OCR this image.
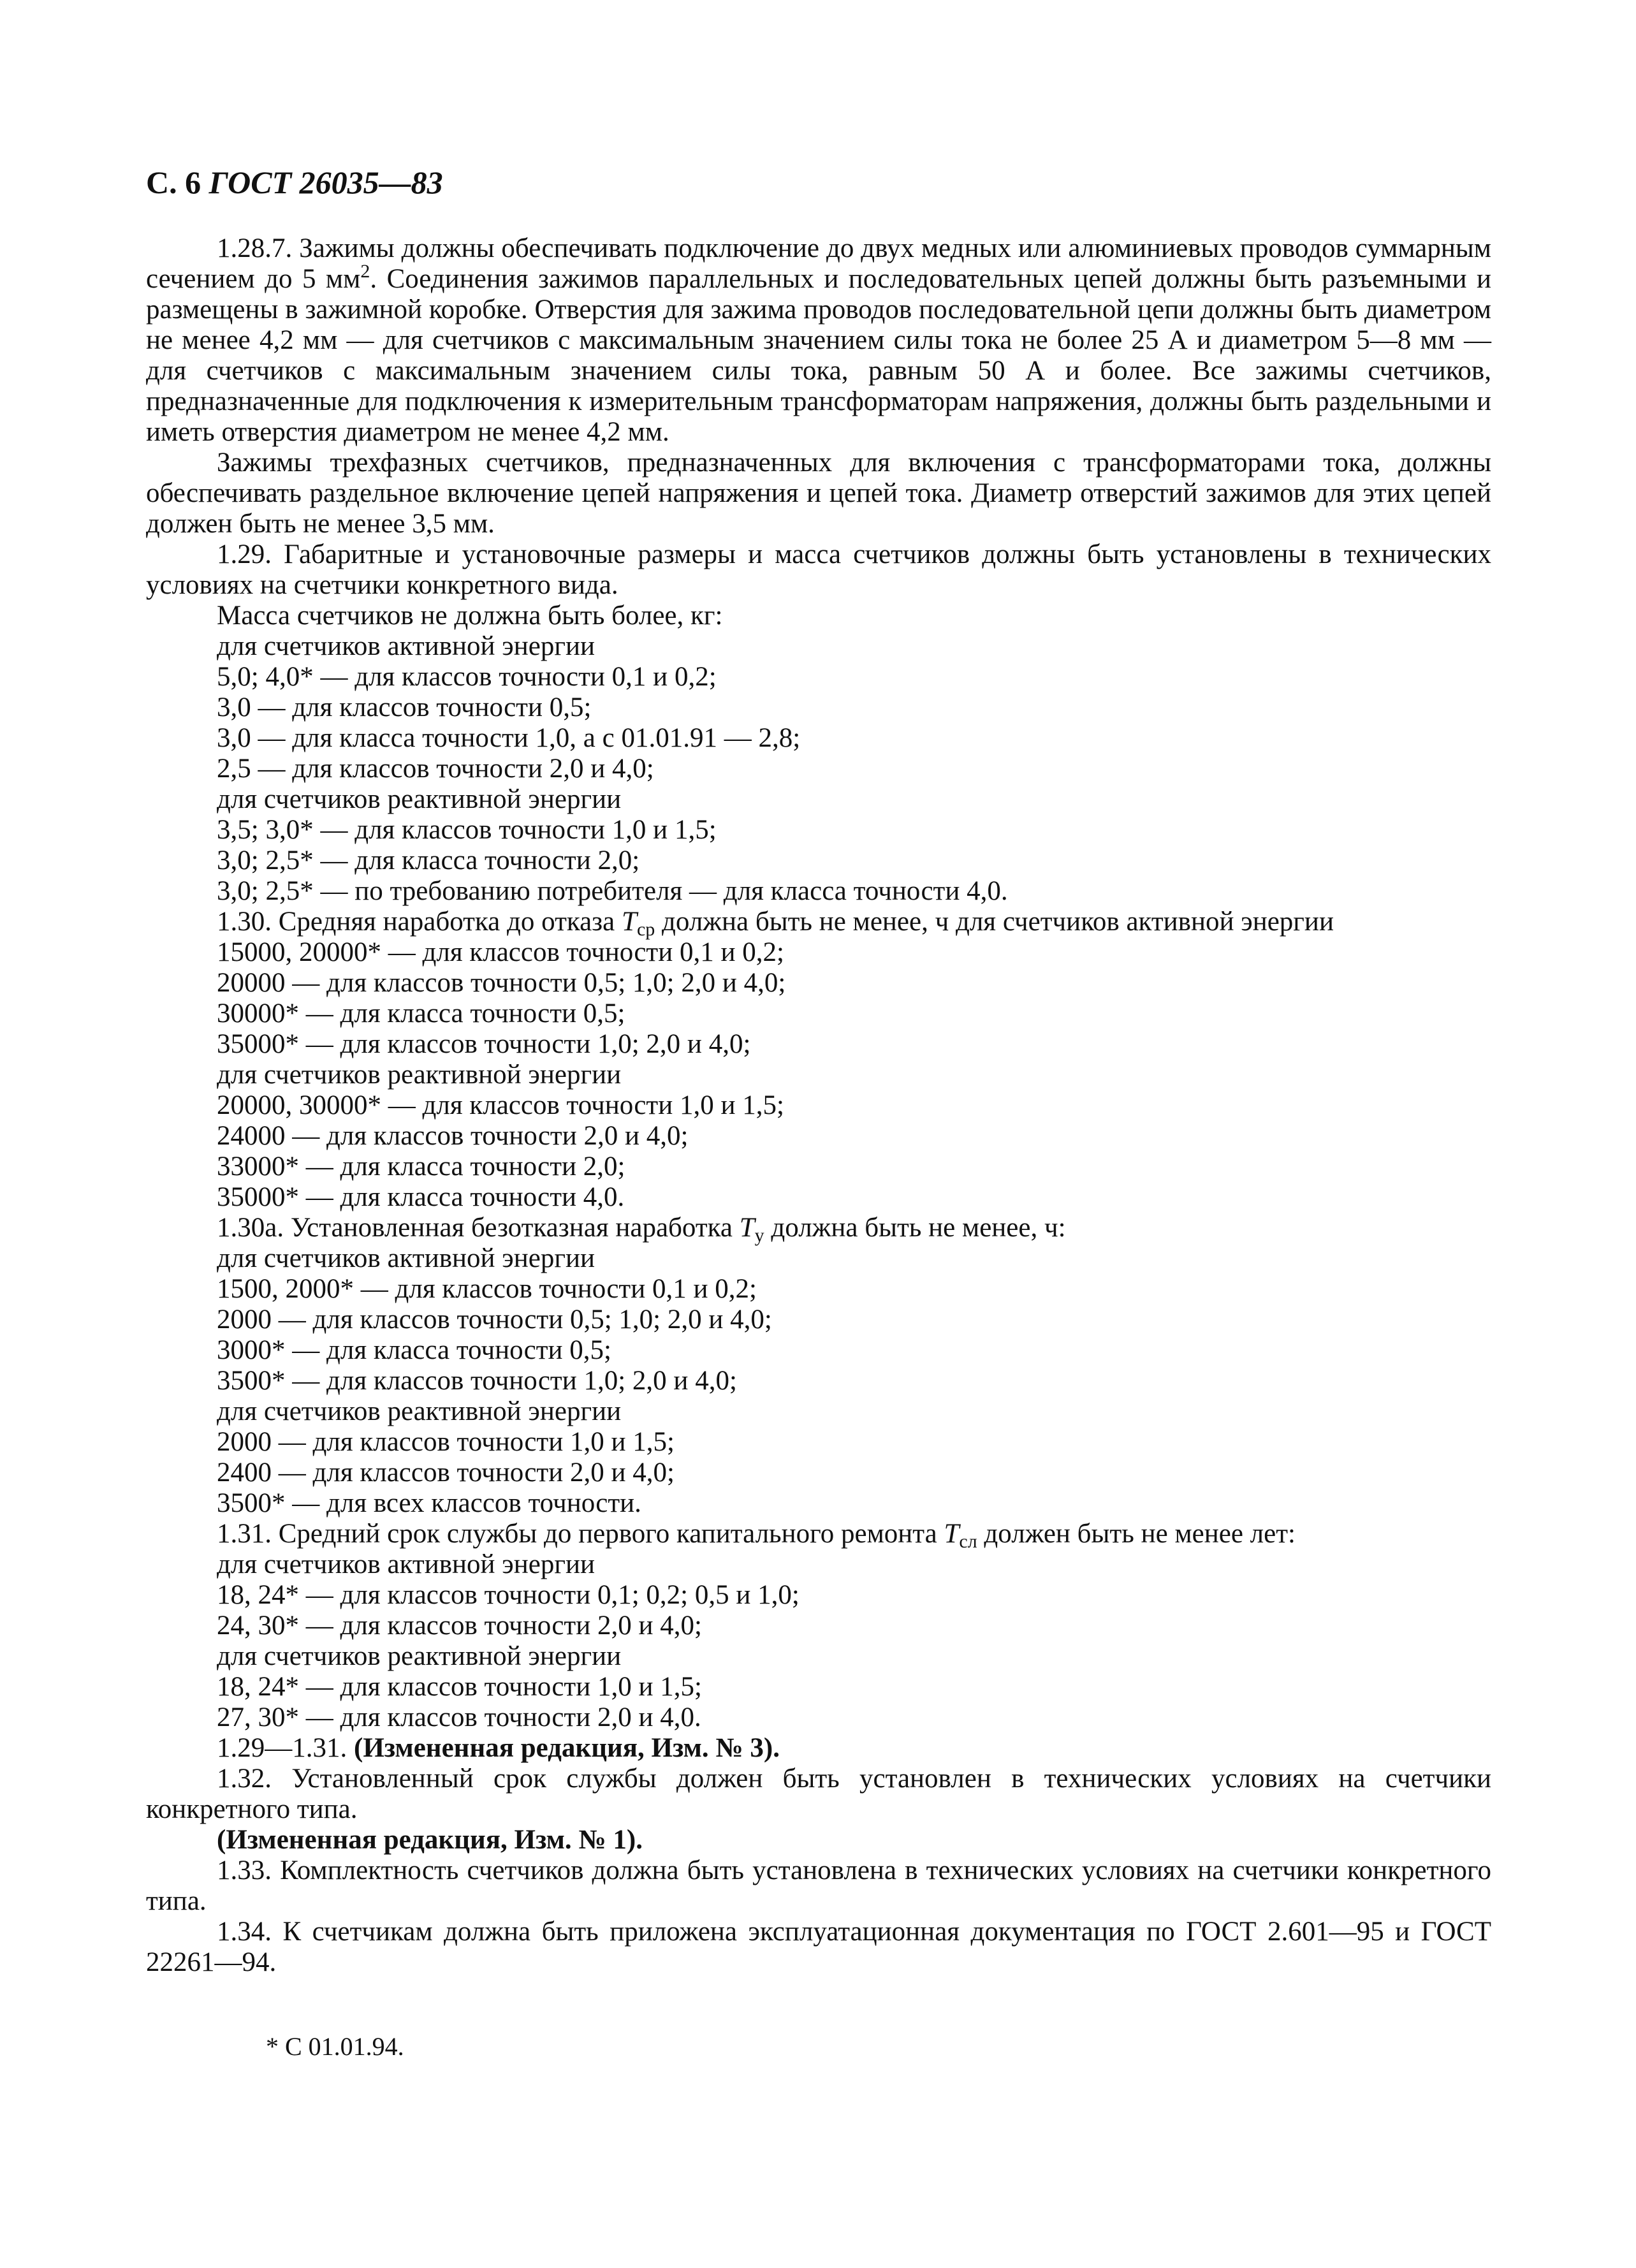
С. 6 ГОСТ 26035—83

1.28.7. Зажимы должны обеспечивать подключение до двух медных или алюминиевых проводов суммарным сечением до 5 $мм^2$. Соединения зажимов параллельных и последовательных цепей должны быть разъемными и размещены в зажимной коробке. Отверстия для зажима проводов последовательной цепи должны быть диаметром не менее 4,2 мм — для счетчиков с максимальным значением силы тока не более 25 А и диаметром 5—8 мм — для счетчиков с максимальным значением силы тока, равным 50 А и более. Все зажимы счетчиков, предназначенные для подключения к измерительным трансформаторам напряжения, должны быть раздельными и иметь отверстия диаметром не менее 4,2 мм.

Зажимы трехфазных счетчиков, предназначенных для включения с трансформаторами тока, должны обеспечивать раздельное включение цепей напряжения и цепей тока. Диаметр отверстий зажимов для этих цепей должен быть не менее 3,5 мм.

1.29. Габаритные и установочные размеры и масса счетчиков должны быть установлены в технических условиях на счетчики конкретного вида.

Масса счетчиков не должна быть более, кг:

для счетчиков активной энергии

5,0; 4,0* — для классов точности 0,1 и 0,2;

3,0 — для классов точности 0,5;

3,0 — для класса точности 1,0, а с 01.01.91 — 2,8;

2,5 — для классов точности 2,0 и 4,0;

для счетчиков реактивной энергии

3,5; 3,0* — для классов точности 1,0 и 1,5;

3,0; 2,5* — для класса точности 2,0;

3,0; 2,5* — по требованию потребителя — для класса точности 4,0.

1.30. Средняя наработка до отказа $T_{ср}$ должна быть не менее, ч для счетчиков активной энергии

15000, 20000* — для классов точности 0,1 и 0,2;

20000 — для классов точности 0,5; 1,0; 2,0 и 4,0;

30000* — для класса точности 0,5;

35000* — для классов точности 1,0; 2,0 и 4,0;

для счетчиков реактивной энергии

20000, 30000* — для классов точности 1,0 и 1,5;

24000 — для классов точности 2,0 и 4,0;

33000* — для класса точности 2,0;

35000* — для класса точности 4,0.

1.30а. Установленная безотказная наработка $T_у$ должна быть не менее, ч:

для счетчиков активной энергии

1500, 2000* — для классов точности 0,1 и 0,2;

2000 — для классов точности 0,5; 1,0; 2,0 и 4,0;

3000* — для класса точности 0,5;

3500* — для классов точности 1,0; 2,0 и 4,0;

для счетчиков реактивной энергии

2000 — для классов точности 1,0 и 1,5;

2400 — для классов точности 2,0 и 4,0;

3500* — для всех классов точности.

1.31. Средний срок службы до первого капитального ремонта $T_{сл}$ должен быть не менее лет:

для счетчиков активной энергии

18, 24* — для классов точности 0,1; 0,2; 0,5 и 1,0;

24, 30* — для классов точности 2,0 и 4,0;

для счетчиков реактивной энергии

18, 24* — для классов точности 1,0 и 1,5;

27, 30* — для классов точности 2,0 и 4,0.

1.29—1.31. (Измененная редакция, Изм. № 3).

1.32. Установленный срок службы должен быть установлен в технических условиях на счетчики конкретного типа.

(Измененная редакция, Изм. № 1).

1.33. Комплектность счетчиков должна быть установлена в технических условиях на счетчики конкретного типа.

1.34. К счетчикам должна быть приложена эксплуатационная документация по ГОСТ 2.601—95 и ГОСТ 22261—94.

* С 01.01.94.
